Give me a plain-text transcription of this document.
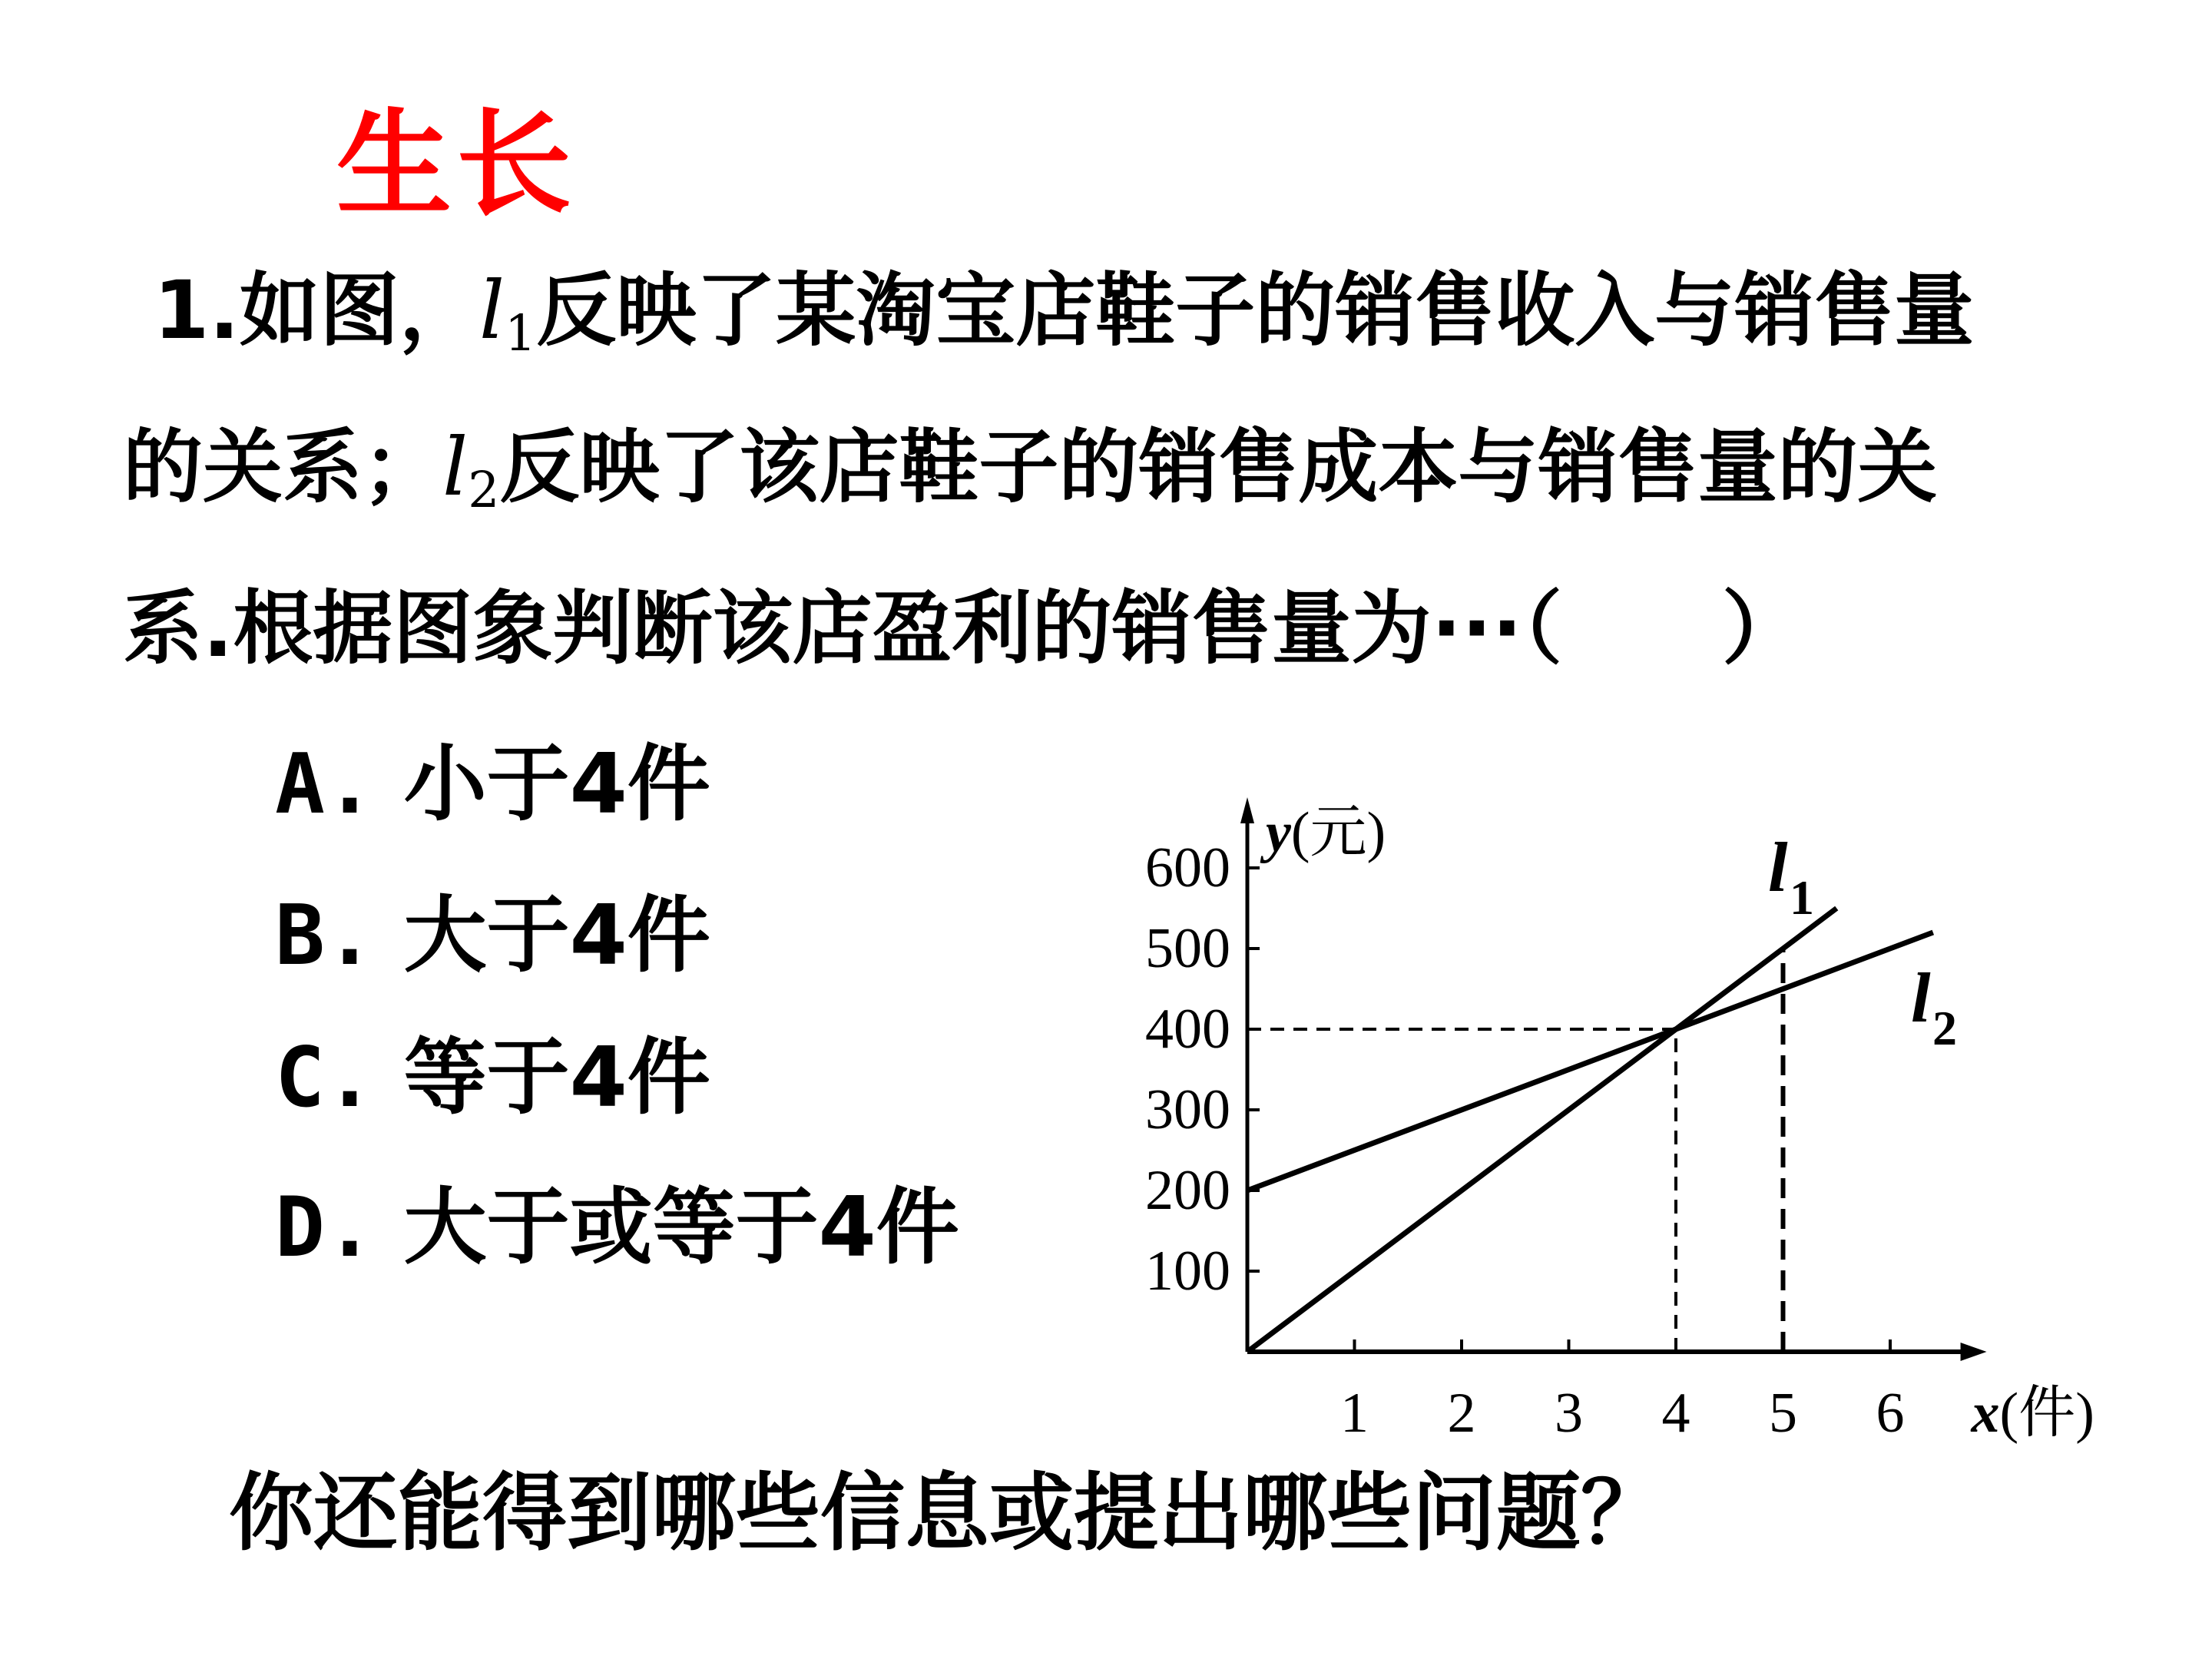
生长
1.如图，$l_1$反映了某淘宝店鞋子的销售收入与销售量
的关系；$l_2$反映了该店鞋子的销售成本与销售量的关
系.根据图象判断该店盈利的销售量为···（　　）
A. 小于4件
B. 大于4件
C. 等于4件
D. 大于或等于4件
1 2 3 4 5 6
100
200
300
400
500
600
y(元)
x(件)
l 1
l 2
你还能得到哪些信息或提出哪些问题？
